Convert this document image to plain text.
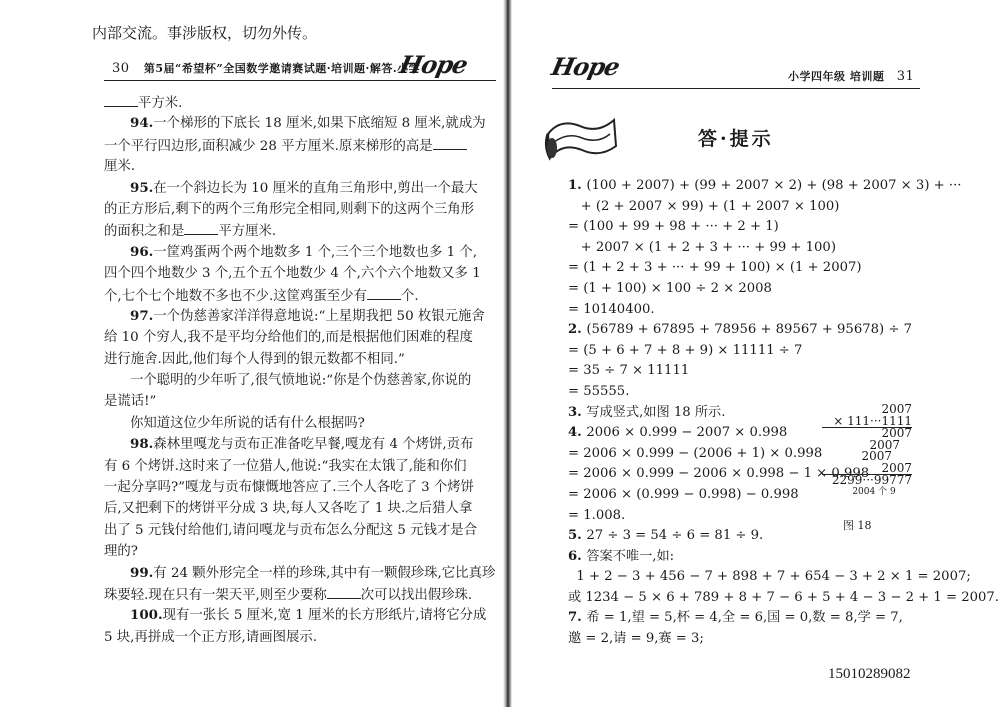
内部交流。事涉版权，切勿外传。
30 第5届“希望杯”全国数学邀请赛试题·培训题·解答.小学
Hope
平方米.
94.一个梯形的下底长 18 厘米,如果下底缩短 8 厘米,就成为
一个平行四边形,面积减少 28 平方厘米.原来梯形的高是
厘米.
95.在一个斜边长为 10 厘米的直角三角形中,剪出一个最大
的正方形后,剩下的两个三角形完全相同,则剩下的这两个三角形
的面积之和是	平方厘米.
96.一筐鸡蛋两个两个地数多 1 个,三个三个地数也多 1 个,
四个四个地数少 3 个,五个五个地数少 4 个,六个六个地数又多 1
个,七个七个地数不多也不少.这筐鸡蛋至少有	个.
97.一个伪慈善家洋洋得意地说:“上星期我把 50 枚银元施舍
给 10 个穷人,我不是平均分给他们的,而是根据他们困难的程度
进行施舍.因此,他们每个人得到的银元数都不相同.”
一个聪明的少年听了,很气愤地说:“你是个伪慈善家,你说的
是谎话!”
你知道这位少年所说的话有什么根据吗?
98.森林里嘎龙与贡布正准备吃早餐,嘎龙有 4 个烤饼,贡布
有 6 个烤饼.这时来了一位猎人,他说:“我实在太饿了,能和你们
一起分享吗?”嘎龙与贡布慷慨地答应了.三个人各吃了 3 个烤饼
后,又把剩下的烤饼平分成 3 块,每人又各吃了 1 块.之后猎人拿
出了 5 元钱付给他们,请问嘎龙与贡布怎么分配这 5 元钱才是合
理的?
99.有 24 颗外形完全一样的珍珠,其中有一颗假珍珠,它比真珍
珠要轻.现在只有一架天平,则至少要称	次可以找出假珍珠.
100.现有一张长 5 厘米,宽 1 厘米的长方形纸片,请将它分成
5 块,再拼成一个正方形,请画图展示.
Hope	小学四年级 培训题 31
答·提示
1. (100 + 2007) + (99 + 2007 × 2) + (98 + 2007 × 3) + ···
+ (2 + 2007 × 99) + (1 + 2007 × 100)
= (100 + 99 + 98 + ··· + 2 + 1)
+ 2007 × (1 + 2 + 3 + ··· + 99 + 100)
= (1 + 2 + 3 + ··· + 99 + 100) × (1 + 2007)
= (1 + 100) × 100 ÷ 2 × 2008
= 10140400.
2. (56789 + 67895 + 78956 + 89567 + 95678) ÷ 7
= (5 + 6 + 7 + 8 + 9) × 11111 ÷ 7
= 35 ÷ 7 × 11111
= 55555.
3. 写成竖式,如图 18 所示.
4. 2006 × 0.999 − 2007 × 0.998
= 2006 × 0.999 − (2006 + 1) × 0.998
= 2006 × 0.999 − 2006 × 0.998 − 1 × 0.998
= 2006 × (0.999 − 0.998) − 0.998
= 1.008.
5. 27 ÷ 3 = 54 ÷ 6 = 81 ÷ 9.
6. 答案不唯一,如:
1 + 2 − 3 + 456 − 7 + 898 + 7 + 654 − 3 + 2 × 1 = 2007;
或 1234 − 5 × 6 + 789 + 8 + 7 − 6 + 5 + 4 − 3 − 2 + 1 = 2007.
7. 希 = 1,望 = 5,杯 = 4,全 = 6,国 = 0,数 = 8,学 = 7,
邀 = 2,请 = 9,赛 = 3;
2007
× 111···1111
2007
2007
2007
2007
2299···99777
2004 个 9
图 18
15010289082
